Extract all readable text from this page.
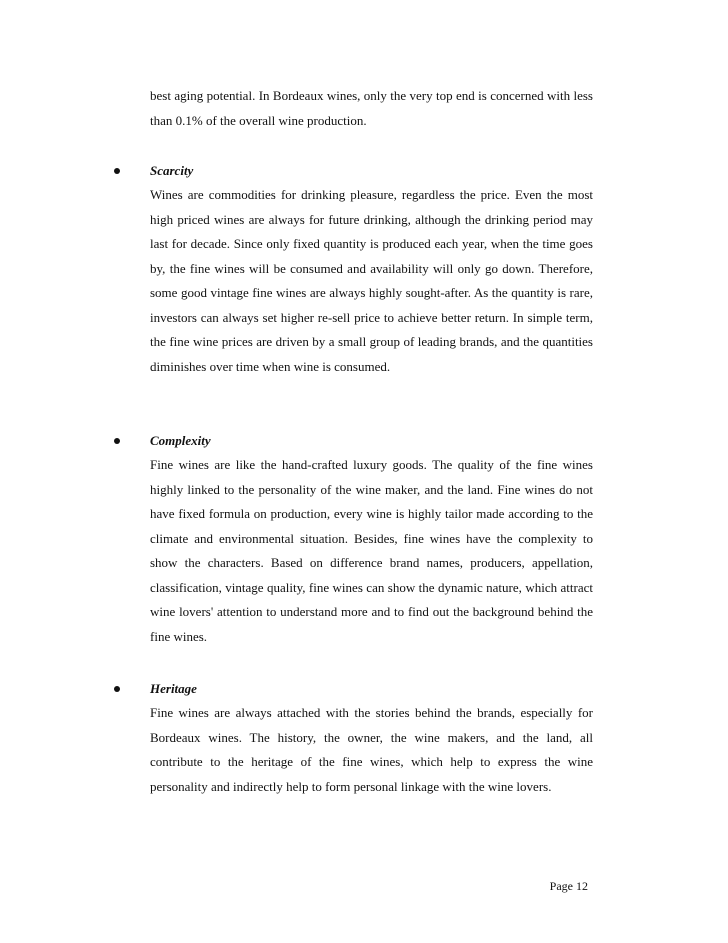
best aging potential. In Bordeaux wines, only the very top end is concerned with less than 0.1% of the overall wine production.

Scarcity

Wines are commodities for drinking pleasure, regardless the price. Even the most high priced wines are always for future drinking, although the drinking period may last for decade. Since only fixed quantity is produced each year, when the time goes by, the fine wines will be consumed and availability will only go down. Therefore, some good vintage fine wines are always highly sought-after. As the quantity is rare, investors can always set higher re-sell price to achieve better return. In simple term, the fine wine prices are driven by a small group of leading brands, and the quantities diminishes over time when wine is consumed.

Complexity

Fine wines are like the hand-crafted luxury goods. The quality of the fine wines highly linked to the personality of the wine maker, and the land. Fine wines do not have fixed formula on production, every wine is highly tailor made according to the climate and environmental situation. Besides, fine wines have the complexity to show the characters. Based on difference brand names, producers, appellation, classification, vintage quality, fine wines can show the dynamic nature, which attract wine lovers' attention to understand more and to find out the background behind the fine wines.

Heritage

Fine wines are always attached with the stories behind the brands, especially for Bordeaux wines. The history, the owner, the wine makers, and the land, all contribute to the heritage of the fine wines, which help to express the wine personality and indirectly help to form personal linkage with the wine lovers.

Page 12
